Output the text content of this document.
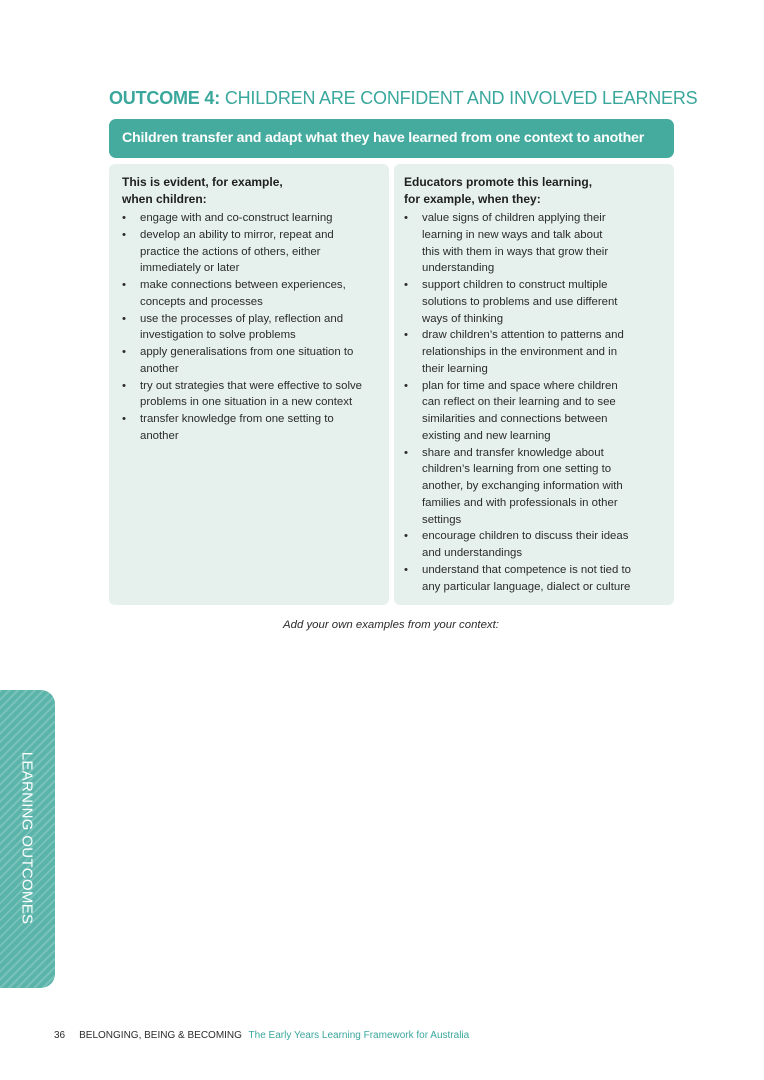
OUTCOME 4: CHILDREN ARE CONFIDENT AND INVOLVED LEARNERS
Children transfer and adapt what they have learned from one context to another
This is evident, for example,
when children:
• engage with and co-construct learning
• develop an ability to mirror, repeat and
practice the actions of others, either
immediately or later
• make connections between experiences,
concepts and processes
• use the processes of play, reflection and
investigation to solve problems
• apply generalisations from one situation to
another
• try out strategies that were effective to solve
problems in one situation in a new context
• transfer knowledge from one setting to
another
Educators promote this learning,
for example, when they:
• value signs of children applying their
learning in new ways and talk about
this with them in ways that grow their
understanding
• support children to construct multiple
solutions to problems and use different
ways of thinking
• draw children’s attention to patterns and
relationships in the environment and in
their learning
• plan for time and space where children
can reflect on their learning and to see
similarities and connections between
existing and new learning
• share and transfer knowledge about
children’s learning from one setting to
another, by exchanging information with
families and with professionals in other
settings
• encourage children to discuss their ideas
and understandings
• understand that competence is not tied to
any particular language, dialect or culture
Add your own examples from your context:
LEARNING OUTCOMES
36 BELONGING, BEING & BECOMING The Early Years Learning Framework for Australia
